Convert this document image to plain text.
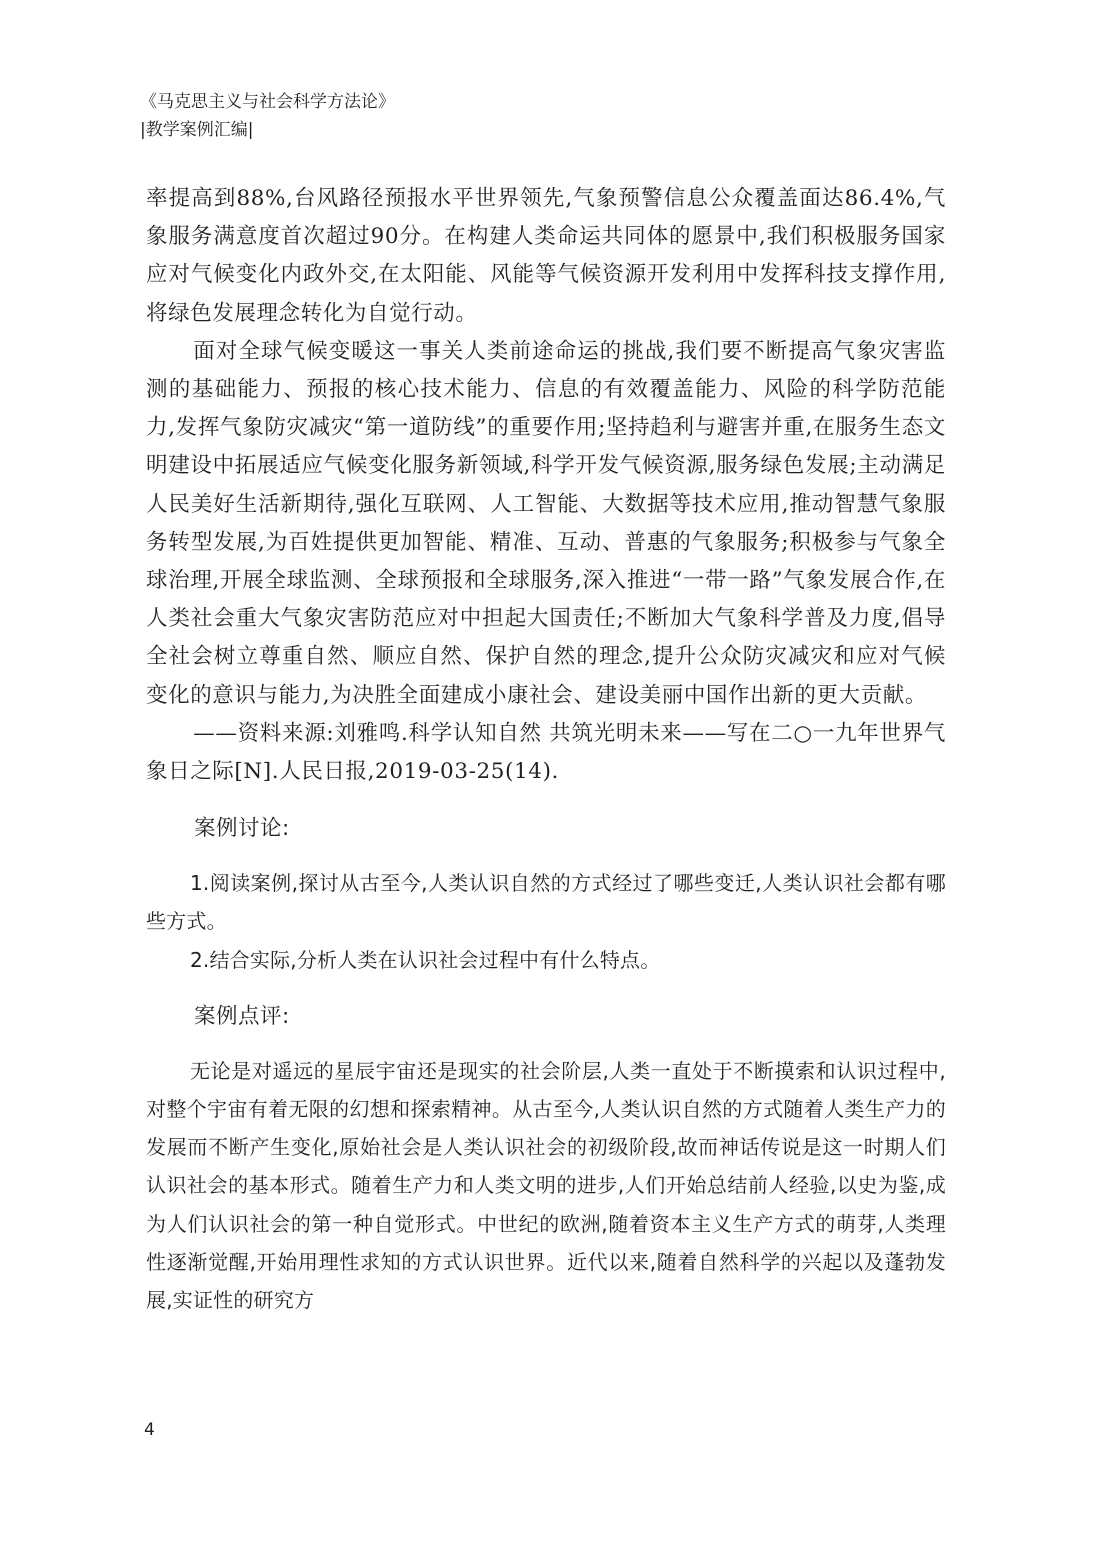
《马克思主义与社会科学方法论》
|教学案例汇编|

率提高到88%,台风路径预报水平世界领先,气象预警信息公众覆盖面达86.4%,气象服务满意度首次超过90分。在构建人类命运共同体的愿景中,我们积极服务国家应对气候变化内政外交,在太阳能、风能等气候资源开发利用中发挥科技支撑作用,将绿色发展理念转化为自觉行动。

面对全球气候变暖这一事关人类前途命运的挑战,我们要不断提高气象灾害监测的基础能力、预报的核心技术能力、信息的有效覆盖能力、风险的科学防范能力,发挥气象防灾减灾“第一道防线”的重要作用;坚持趋利与避害并重,在服务生态文明建设中拓展适应气候变化服务新领域,科学开发气候资源,服务绿色发展;主动满足人民美好生活新期待,强化互联网、人工智能、大数据等技术应用,推动智慧气象服务转型发展,为百姓提供更加智能、精准、互动、普惠的气象服务;积极参与气象全球治理,开展全球监测、全球预报和全球服务,深入推进“一带一路”气象发展合作,在人类社会重大气象灾害防范应对中担起大国责任;不断加大气象科学普及力度,倡导全社会树立尊重自然、顺应自然、保护自然的理念,提升公众防灾减灾和应对气候变化的意识与能力,为决胜全面建成小康社会、建设美丽中国作出新的更大贡献。

——资料来源:刘雅鸣.科学认知自然 共筑光明未来——写在二○一九年世界气象日之际[N].人民日报,2019-03-25(14).

案例讨论:

1.阅读案例,探讨从古至今,人类认识自然的方式经过了哪些变迁,人类认识社会都有哪些方式。

2.结合实际,分析人类在认识社会过程中有什么特点。

案例点评:

无论是对遥远的星辰宇宙还是现实的社会阶层,人类一直处于不断摸索和认识过程中,对整个宇宙有着无限的幻想和探索精神。从古至今,人类认识自然的方式随着人类生产力的发展而不断产生变化,原始社会是人类认识社会的初级阶段,故而神话传说是这一时期人们认识社会的基本形式。随着生产力和人类文明的进步,人们开始总结前人经验,以史为鉴,成为人们认识社会的第一种自觉形式。中世纪的欧洲,随着资本主义生产方式的萌芽,人类理性逐渐觉醒,开始用理性求知的方式认识世界。近代以来,随着自然科学的兴起以及蓬勃发展,实证性的研究方

4
